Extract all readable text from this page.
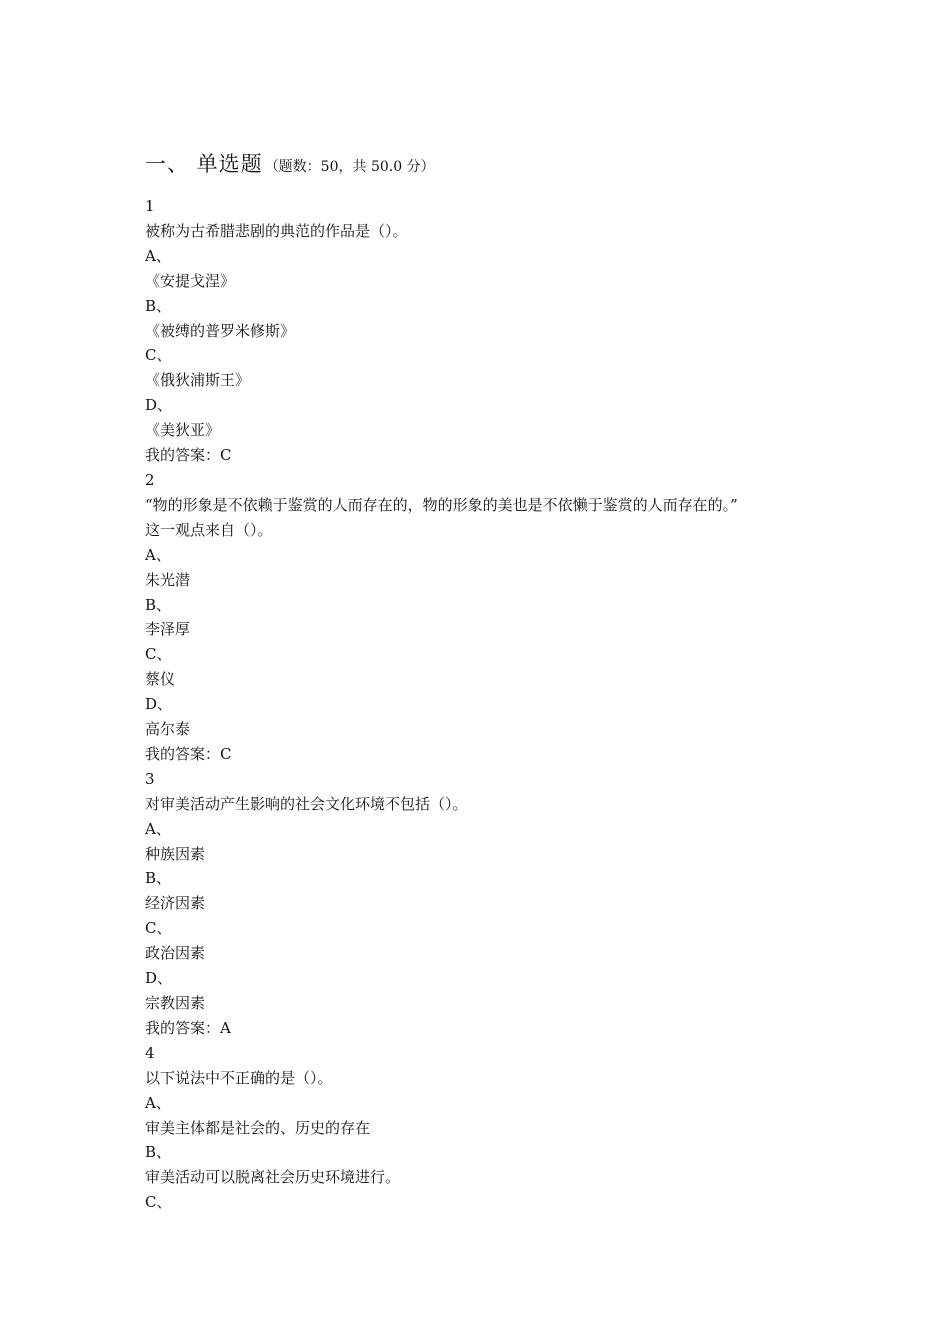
一、 单选题 （题数：50，共 50.0 分）
1
被称为古希腊悲剧的典范的作品是（）。
A、
《安提戈涅》
B、
《被缚的普罗米修斯》
C、
《俄狄浦斯王》
D、
《美狄亚》
我的答案：C
2
“物的形象是不依赖于鉴赏的人而存在的，物的形象的美也是不依懒于鉴赏的人而存在的。”
这一观点来自（）。
A、
朱光潜
B、
李泽厚
C、
蔡仪
D、
高尔泰
我的答案：C
3
对审美活动产生影响的社会文化环境不包括（）。
A、
种族因素
B、
经济因素
C、
政治因素
D、
宗教因素
我的答案：A
4
以下说法中不正确的是（）。
A、
审美主体都是社会的、历史的存在
B、
审美活动可以脱离社会历史环境进行。
C、
